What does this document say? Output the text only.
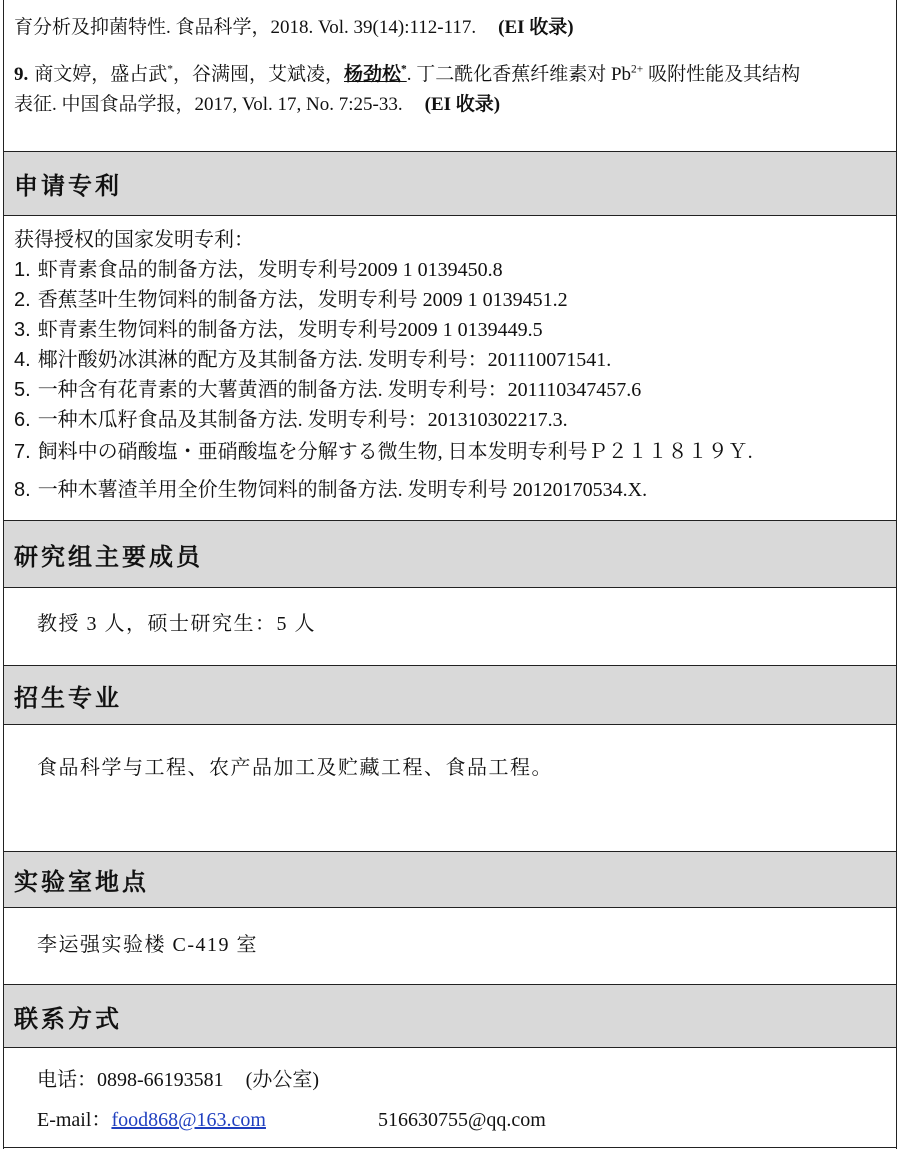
育分析及抑菌特性. 食品科学，2018. Vol. 39(14):112-117. (EI 收录)
9. 商文婷，盛占武*，谷满囤，艾斌凌，杨劲松*. 丁二酰化香蕉纤维素对 $Pb^{2+}$ 吸附性能及其结构
表征. 中国食品学报，2017, Vol. 17, No. 7:25-33. (EI 收录)
申请专利
获得授权的国家发明专利：
1. 虾青素食品的制备方法，发明专利号2009 1 0139450.8
2. 香蕉茎叶生物饲料的制备方法，发明专利号 2009 1 0139451.2
3. 虾青素生物饲料的制备方法，发明专利号2009 1 0139449.5
4. 椰汁酸奶冰淇淋的配方及其制备方法. 发明专利号：201110071541.
5. 一种含有花青素的大薯黄酒的制备方法. 发明专利号：201110347457.6
6. 一种木瓜籽食品及其制备方法. 发明专利号：201310302217.3.
7. 飼料中の硝酸塩・亜硝酸塩を分解する微生物, 日本发明专利号Ｐ２１１８１９Ｙ.
8. 一种木薯渣羊用全价生物饲料的制备方法. 发明专利号 20120170534.X.
研究组主要成员
教授 3 人，硕士研究生：5 人
招生专业
食品科学与工程、农产品加工及贮藏工程、食品工程。
实验室地点
李运强实验楼 C-419 室
联系方式
电话：0898-66193581 (办公室)
E-mail：food868@163.com	516630755@qq.com
